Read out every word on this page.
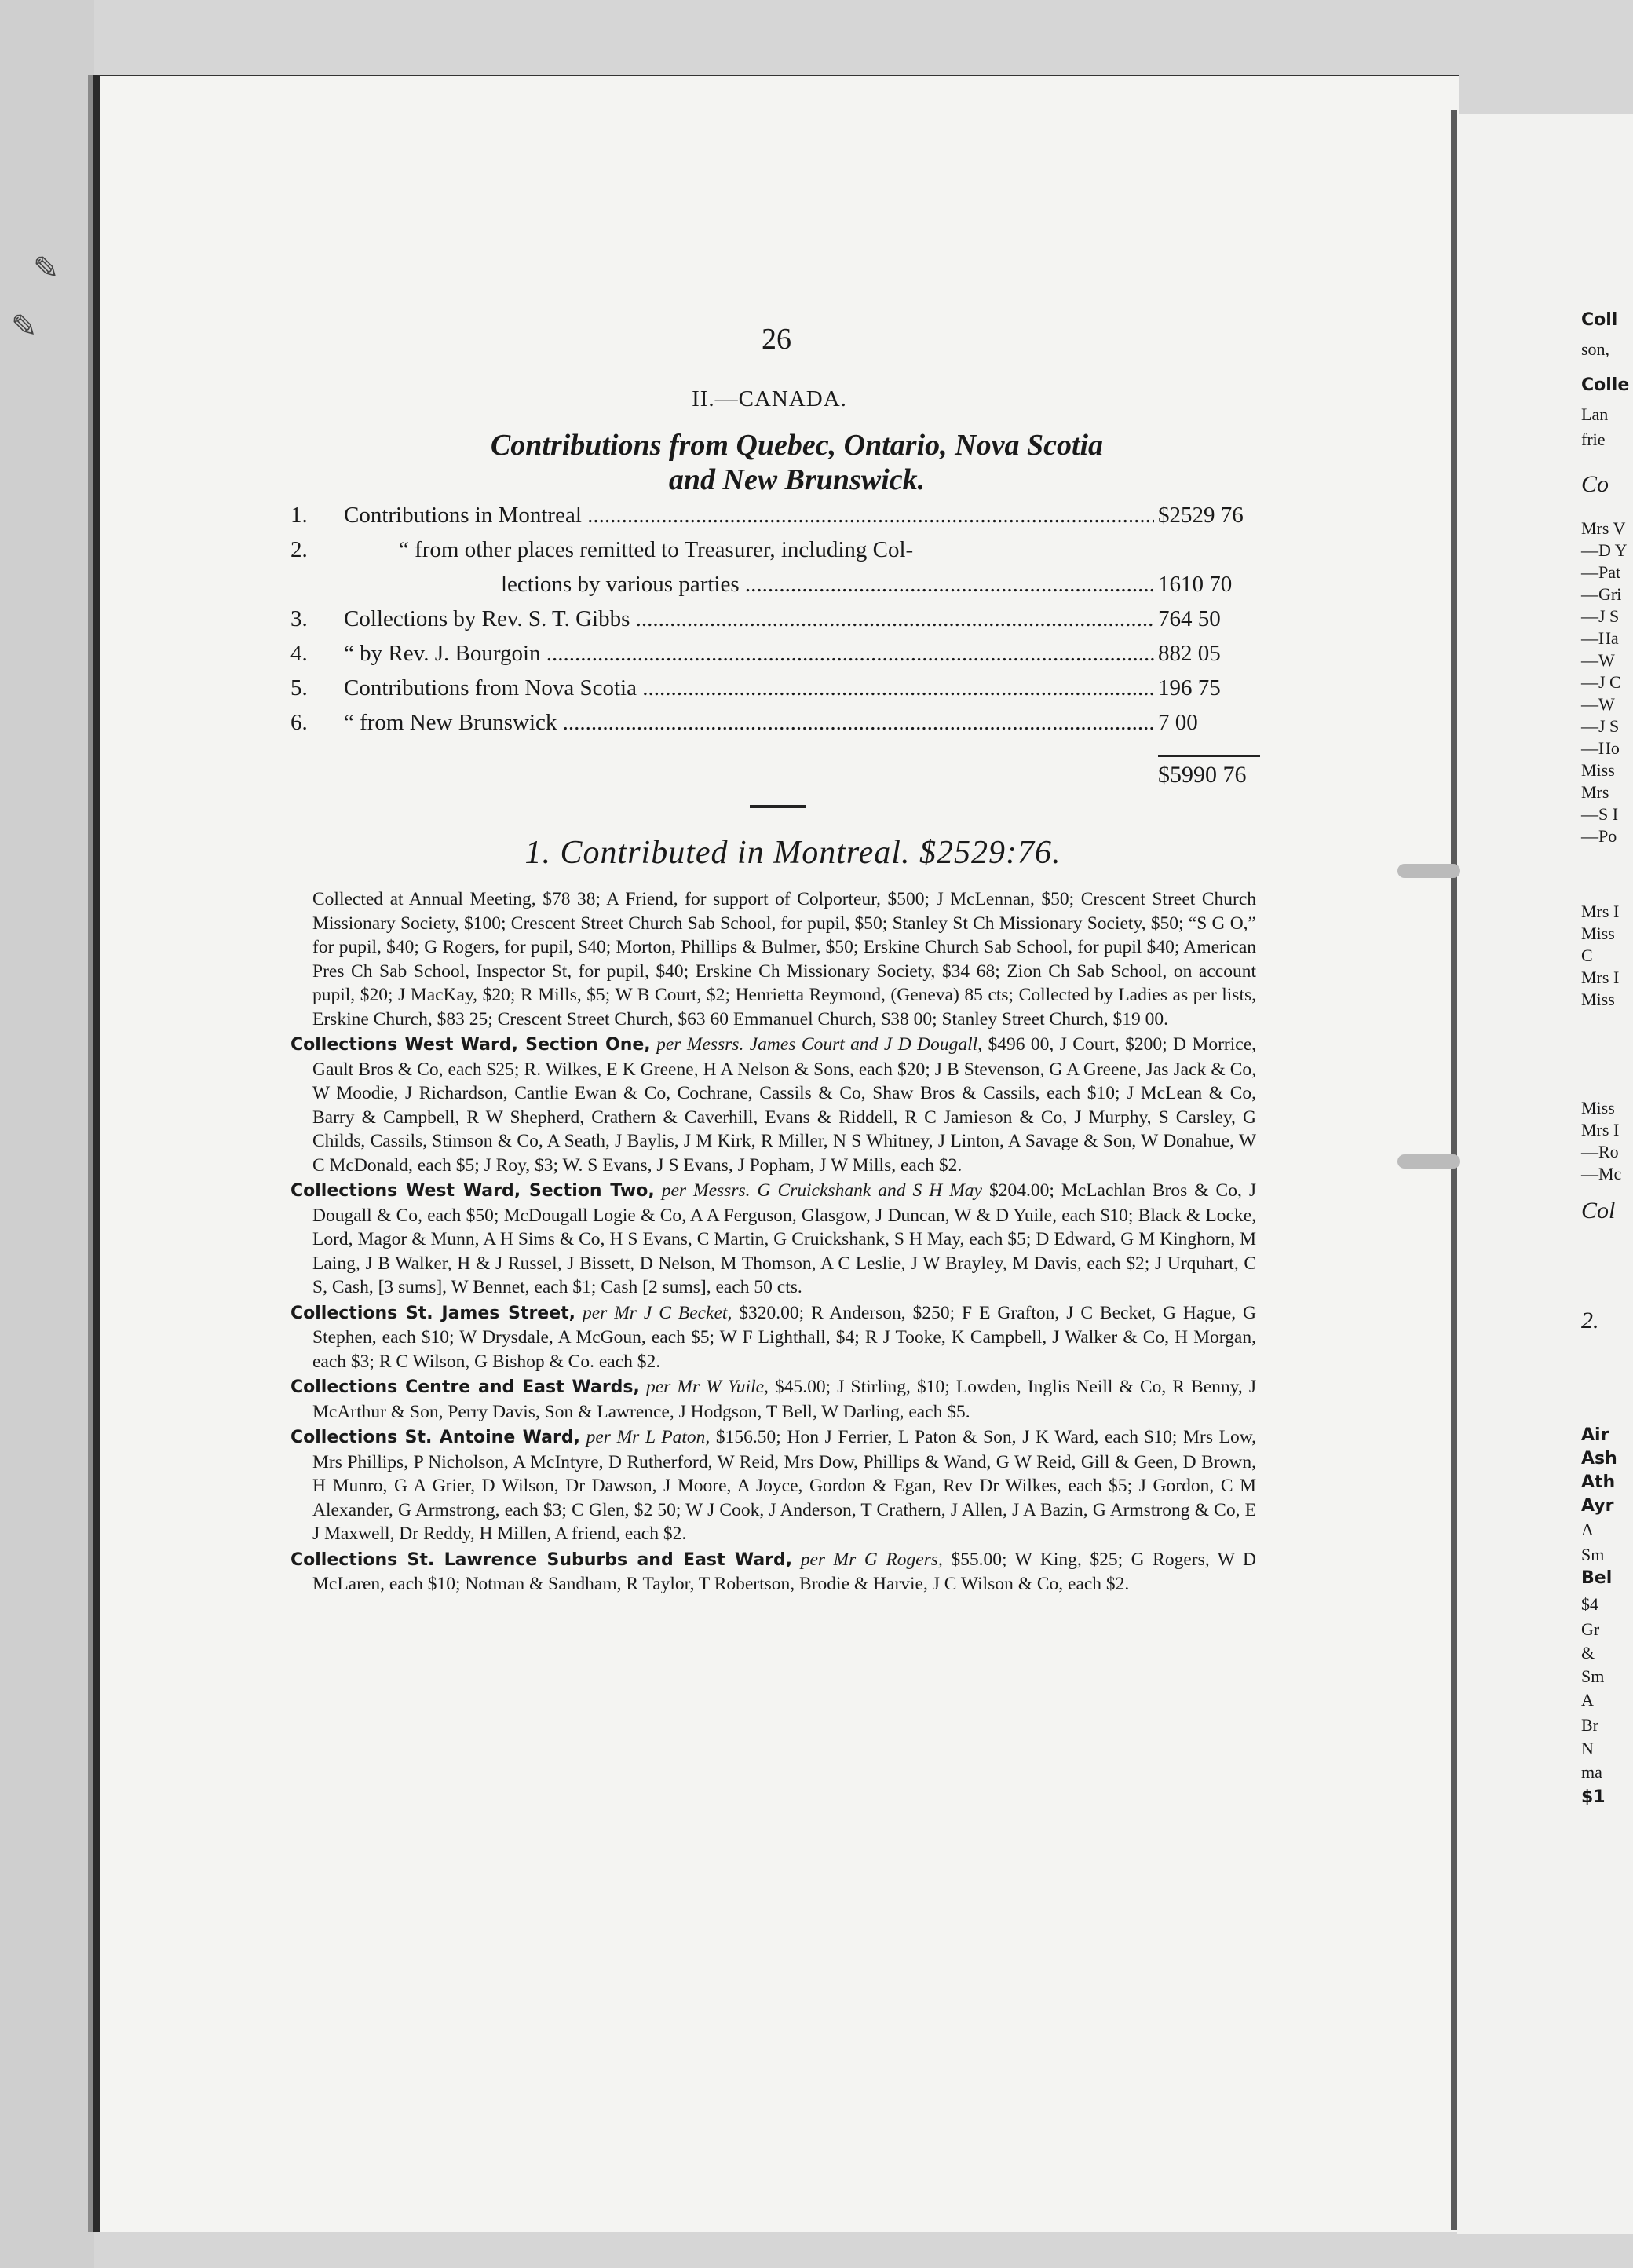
✎
✎	Coll
son,
Colle
Lan
frie
Co
Mrs V
—D Y
—Pat
—Gri
—J S
—Ha
—W
—J C
—W
—J S
—Ho
Miss
Mrs
—S I
—Po
Mrs I
Miss
C
Mrs I
Miss
Miss
Mrs I
—Ro
—Mc
Col
2.
Air
Ash
Ath
Ayr
A
Sm
Bel
$4
Gr
&
Sm
A
Br
N
ma
$1
26
II.—CANADA.
Contributions from Quebec, Ontario, Nova Scotia
and New Brunswick.
1.	Contributions in Montreal .....	$2529 76
2.	“ from other places remitted to Treasurer, including Col-
lections by various parties .....	1610 70
3.	Collections by Rev. S. T. Gibbs .....	764 50
4.	“ by Rev. J. Bourgoin .....	882 05
5.	Contributions from Nova Scotia .....	196 75
6.	“ from New Brunswick .....	7 00
$5990 76
1. Contributed in Montreal. $2529:76.

Collected at Annual Meeting, $78 38; A Friend, for support of Colporteur, $500; J McLennan, $50; Crescent Street Church Missionary Society, $100; Crescent Street Church Sab School, for pupil, $50; Stanley St Ch Missionary Society, $50; “S G O,” for pupil, $40; G Rogers, for pupil, $40; Morton, Phillips & Bulmer, $50; Erskine Church Sab School, for pupil $40; American Pres Ch Sab School, Inspector St, for pupil, $40; Erskine Ch Missionary Society, $34 68; Zion Ch Sab School, on account pupil, $20; J MacKay, $20; R Mills, $5; W B Court, $2; Henrietta Reymond, (Geneva) 85 cts; Collected by Ladies as per lists, Erskine Church, $83 25; Crescent Street Church, $63 60 Emmanuel Church, $38 00; Stanley Street Church, $19 00.

Collections West Ward, Section One, per Messrs. James Court and J D Dougall, $496 00, J Court, $200; D Morrice, Gault Bros & Co, each $25; R. Wilkes, E K Greene, H A Nelson & Sons, each $20; J B Stevenson, G A Greene, Jas Jack & Co, W Moodie, J Richardson, Cantlie Ewan & Co, Cochrane, Cassils & Co, Shaw Bros & Cassils, each $10; J McLean & Co, Barry & Campbell, R W Shepherd, Crathern & Caverhill, Evans & Riddell, R C Jamieson & Co, J Murphy, S Carsley, G Childs, Cassils, Stimson & Co, A Seath, J Baylis, J M Kirk, R Miller, N S Whitney, J Linton, A Savage & Son, W Donahue, W C McDonald, each $5; J Roy, $3; W. S Evans, J S Evans, J Popham, J W Mills, each $2.

Collections West Ward, Section Two, per Messrs. G Cruickshank and S H May $204.00; McLachlan Bros & Co, J Dougall & Co, each $50; McDougall Logie & Co, A A Ferguson, Glasgow, J Duncan, W & D Yuile, each $10; Black & Locke, Lord, Magor & Munn, A H Sims & Co, H S Evans, C Martin, G Cruickshank, S H May, each $5; D Edward, G M Kinghorn, M Laing, J B Walker, H & J Russel, J Bissett, D Nelson, M Thomson, A C Leslie, J W Brayley, M Davis, each $2; J Urquhart, C S, Cash, [3 sums], W Bennet, each $1; Cash [2 sums], each 50 cts.

Collections St. James Street, per Mr J C Becket, $320.00; R Anderson, $250; F E Grafton, J C Becket, G Hague, G Stephen, each $10; W Drysdale, A McGoun, each $5; W F Lighthall, $4; R J Tooke, K Campbell, J Walker & Co, H Morgan, each $3; R C Wilson, G Bishop & Co. each $2.

Collections Centre and East Wards, per Mr W Yuile, $45.00; J Stirling, $10; Lowden, Inglis Neill & Co, R Benny, J McArthur & Son, Perry Davis, Son & Lawrence, J Hodgson, T Bell, W Darling, each $5.

Collections St. Antoine Ward, per Mr L Paton, $156.50; Hon J Ferrier, L Paton & Son, J K Ward, each $10; Mrs Low, Mrs Phillips, P Nicholson, A McIntyre, D Rutherford, W Reid, Mrs Dow, Phillips & Wand, G W Reid, Gill & Geen, D Brown, H Munro, G A Grier, D Wilson, Dr Dawson, J Moore, A Joyce, Gordon & Egan, Rev Dr Wilkes, each $5; J Gordon, C M Alexander, G Armstrong, each $3; C Glen, $2 50; W J Cook, J Anderson, T Crathern, J Allen, J A Bazin, G Armstrong & Co, E J Maxwell, Dr Reddy, H Millen, A friend, each $2.

Collections St. Lawrence Suburbs and East Ward, per Mr G Rogers, $55.00; W King, $25; G Rogers, W D McLaren, each $10; Notman & Sandham, R Taylor, T Robertson, Brodie & Harvie, J C Wilson & Co, each $2.
